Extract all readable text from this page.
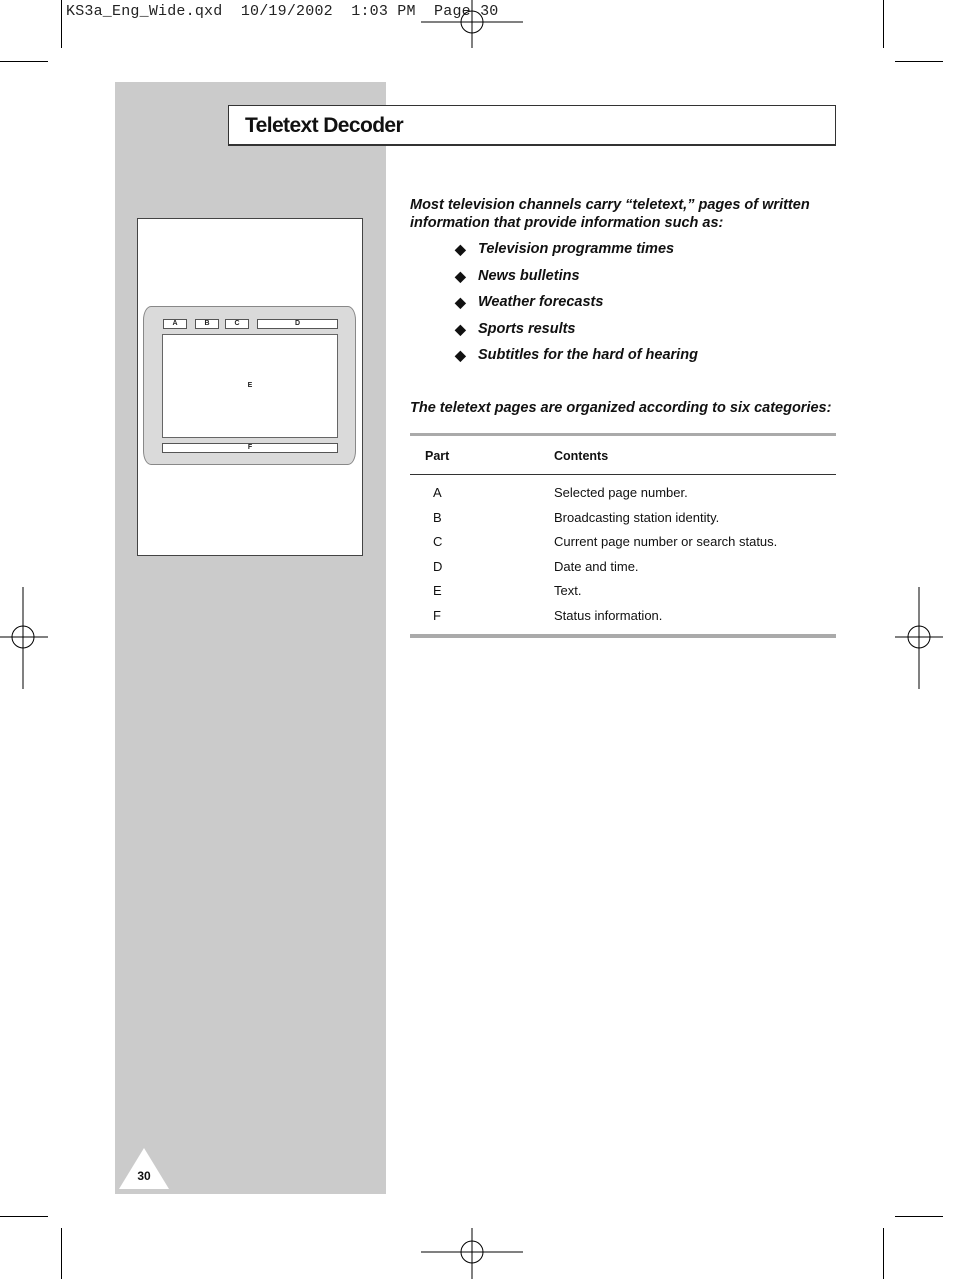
KS3a_Eng_Wide.qxd  10/19/2002  1:03 PM  Page 30
Teletext Decoder
A	B	C	D
E
F
Most television channels carry “teletext,” pages of written information that provide information such as:
◆ Television programme times
◆ News bulletins
◆ Weather forecasts
◆ Sports results
◆ Subtitles for the hard of hearing
The teletext pages are organized according to six categories:
Part	Contents
A	Selected page number.
B	Broadcasting station identity.
C	Current page number or search status.
D	Date and time.
E	Text.
F	Status information.
30
